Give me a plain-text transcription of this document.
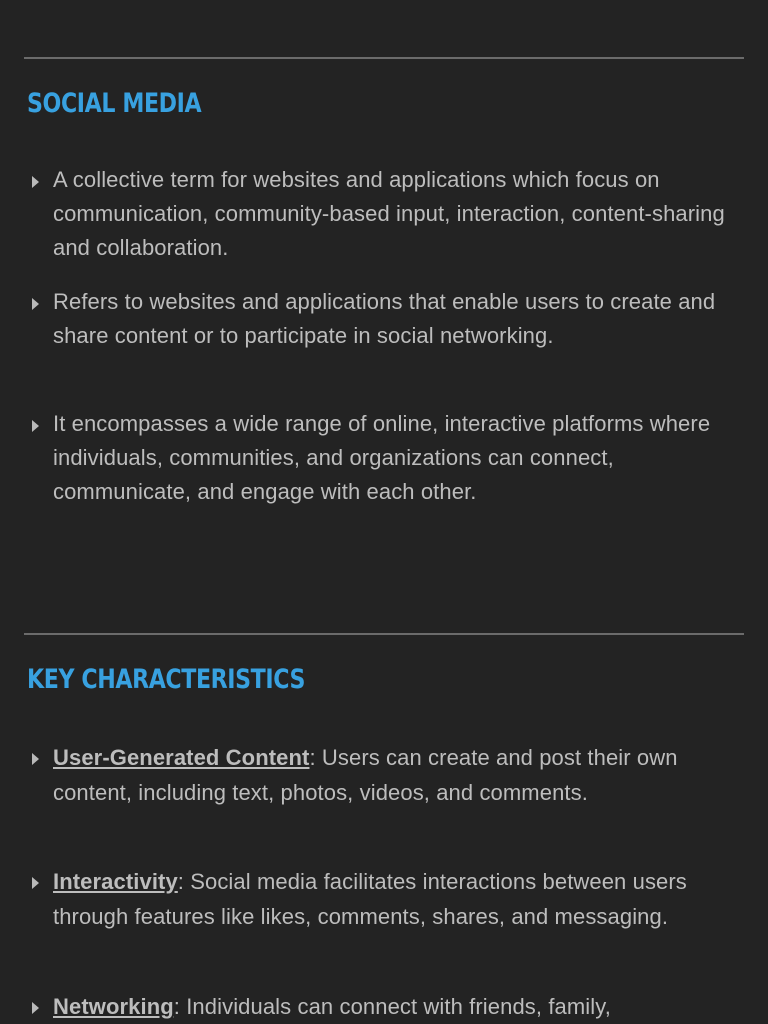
SOCIAL MEDIA

A collective term for websites and applications which focus on communication, community-based input, interaction, content-sharing and collaboration.

Refers to websites and applications that enable users to create and share content or to participate in social networking.

It encompasses a wide range of online, interactive platforms where individuals, communities, and organizations can connect, communicate, and engage with each other.

KEY CHARACTERISTICS

User-Generated Content: Users can create and post their own content, including text, photos, videos, and comments.

Interactivity: Social media facilitates interactions between users through features like likes, comments, shares, and messaging.

Networking: Individuals can connect with friends, family,
